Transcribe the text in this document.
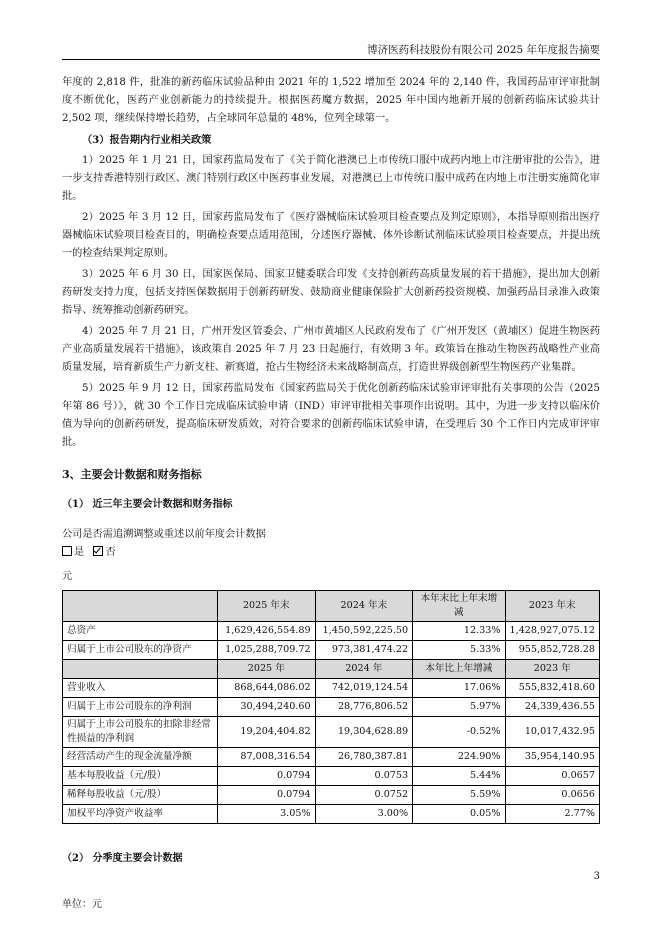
博济医药科技股份有限公司 2025 年年度报告摘要

年度的 2,818 件，批准的新药临床试验品种由 2021 年的 1,522 增加至 2024 年的 2,140 件，我国药品审评审批制度不断优化，医药产业创新能力的持续提升。根据医药魔方数据，2025 年中国内地新开展的创新药临床试验共计 2,502 项，继续保持增长趋势，占全球同年总量的 48%，位列全球第一。

（3）报告期内行业相关政策

1）2025 年 1 月 21 日，国家药监局发布了《关于简化港澳已上市传统口服中成药内地上市注册审批的公告》，进一步支持香港特别行政区、澳门特别行政区中医药事业发展，对港澳已上市传统口服中成药在内地上市注册实施简化审批。

2）2025 年 3 月 12 日，国家药监局发布了《医疗器械临床试验项目检查要点及判定原则》，本指导原则指出医疗器械临床试验项目检查目的，明确检查要点适用范围，分述医疗器械、体外诊断试剂临床试验项目检查要点，并提出统一的检查结果判定原则。

3）2025 年 6 月 30 日，国家医保局、国家卫健委联合印发《支持创新药高质量发展的若干措施》，提出加大创新药研发支持力度，包括支持医保数据用于创新药研发、鼓励商业健康保险扩大创新药投资规模、加强药品目录准入政策指导、统筹推动创新药研究。

4）2025 年 7 月 21 日，广州开发区管委会、广州市黄埔区人民政府发布了《广州开发区（黄埔区）促进生物医药产业高质量发展若干措施》，该政策自 2025 年 7 月 23 日起施行，有效期 3 年。政策旨在推动生物医药战略性产业高质量发展，培育新质生产力新支柱、新赛道，抢占生物经济未来战略制高点，打造世界级创新型生物医药产业集群。

5）2025 年 9 月 12 日，国家药监局发布《国家药监局关于优化创新药临床试验审评审批有关事项的公告（2025 年第 86 号）》，就 30 个工作日完成临床试验申请（IND）审评审批相关事项作出说明。其中，为进一步支持以临床价值为导向的创新药研发，提高临床研发质效，对符合要求的创新药临床试验申请，在受理后 30 个工作日内完成审评审批。

3、主要会计数据和财务指标

（1） 近三年主要会计数据和财务指标

公司是否需追溯调整或重述以前年度会计数据

是 否

元

	2025 年末	2024 年末	本年末比上年末增减	2023 年末
总资产	1,629,426,554.89	1,450,592,225.50	12.33%	1,428,927,075.12
归属于上市公司股东的净资产	1,025,288,709.72	973,381,474.22	5.33%	955,852,728.28
	2025 年	2024 年	本年比上年增减	2023 年
营业收入	868,644,086.02	742,019,124.54	17.06%	555,832,418.60
归属于上市公司股东的净利润	30,494,240.60	28,776,806.52	5.97%	24,339,436.55
归属于上市公司股东的扣除非经常性损益的净利润	19,204,404.82	19,304,628.89	-0.52%	10,017,432.95
经营活动产生的现金流量净额	87,008,316.54	26,780,387.81	224.90%	35,954,140.95
基本每股收益（元/股）	0.0794	0.0753	5.44%	0.0657
稀释每股收益（元/股）	0.0794	0.0752	5.59%	0.0656
加权平均净资产收益率	3.05%	3.00%	0.05%	2.77%

（2） 分季度主要会计数据

单位：元

3
